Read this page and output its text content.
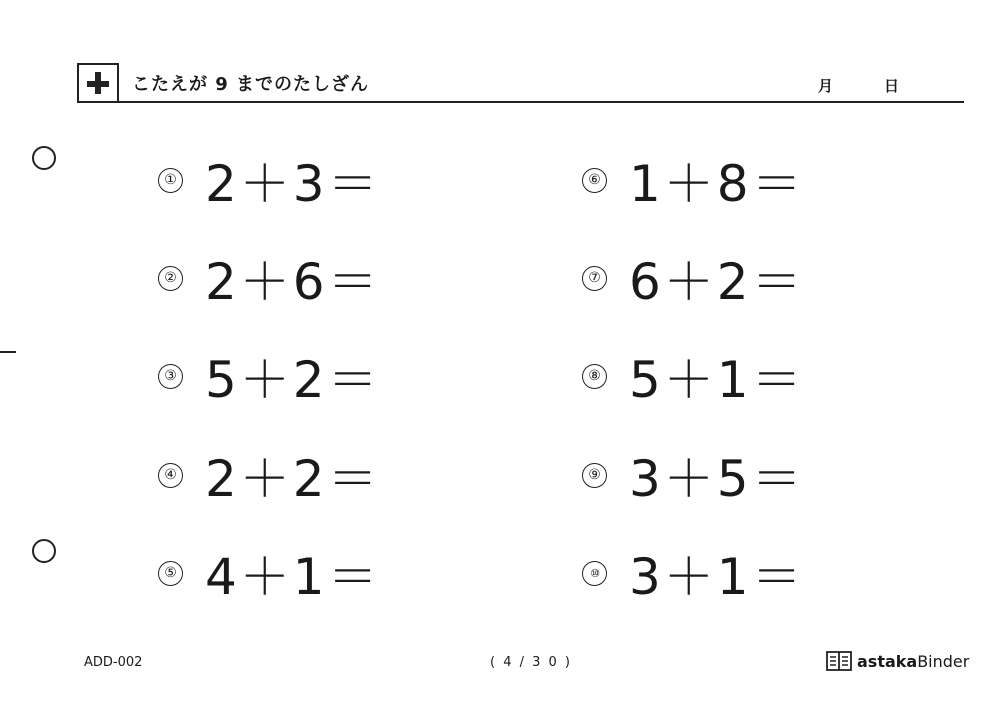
こたえが 9 までのたしざん	月	日
① 2＋3＝
② 2＋6＝
③ 5＋2＝
④ 2＋2＝
⑤ 4＋1＝
⑥ 1＋8＝
⑦ 6＋2＝
⑧ 5＋1＝
⑨ 3＋5＝
⑩ 3＋1＝
ADD-002	( 4 / 3 0 )	astaka Binder
